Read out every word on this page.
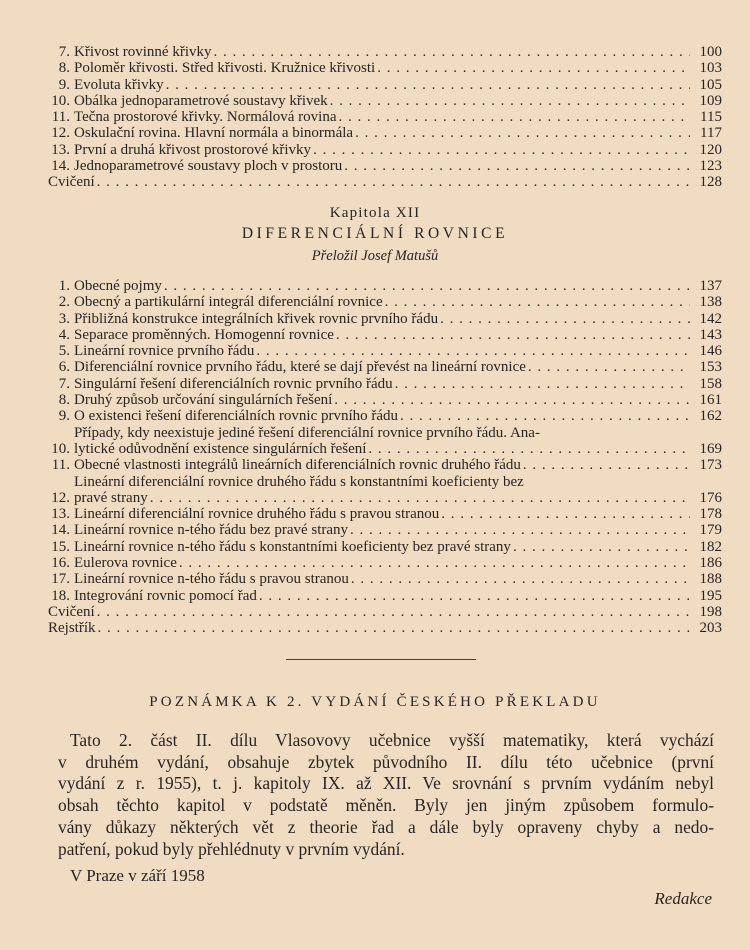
7. Křivost rovinné křivky . . .	100
8. Poloměr křivosti. Střed křivosti. Kružnice křivosti . . .	103
9. Evoluta křivky . . .	105
10. Obálka jednoparametrové soustavy křivek . . .	109
11. Tečna prostorové křivky. Normálová rovina . . .	115
12. Oskulační rovina. Hlavní normála a binormála . . .	117
13. První a druhá křivost prostorové křivky . . .	120
14. Jednoparametrové soustavy ploch v prostoru . . .	123
Cvičení . . .	128
Kapitola XII
DIFERENCIÁLNÍ ROVNICE
Přeložil Josef Matušů
1. Obecné pojmy . . .	137
2. Obecný a partikulární integrál diferenciální rovnice . . .	138
3. Přibližná konstrukce integrálních křivek rovnic prvního řádu . . .	142
4. Separace proměnných. Homogenní rovnice . . .	143
5. Lineární rovnice prvního řádu . . .	146
6. Diferenciální rovnice prvního řádu, které se dají převést na lineární rovnice . . .	153
7. Singulární řešení diferenciálních rovnic prvního řádu . . .	158
8. Druhý způsob určování singulárních řešení . . .	161
9. O existenci řešení diferenciálních rovnic prvního řádu . . .	162
10.
Případy, kdy neexistuje jediné řešení diferenciální rovnice prvního řádu. Ana-
lytické odůvodnění existence singulárních řešení . . .	169
11. Obecné vlastnosti integrálů lineárních diferenciálních rovnic druhého řádu . . .	173
12.
Lineární diferenciální rovnice druhého řádu s konstantními koeficienty bez
pravé strany . . .	176
13. Lineární diferenciální rovnice druhého řádu s pravou stranou . . .	178
14. Lineární rovnice n-tého řádu bez pravé strany . . .	179
15. Lineární rovnice n-tého řádu s konstantními koeficienty bez pravé strany . . .	182
16. Eulerova rovnice . . .	186
17. Lineární rovnice n-tého řádu s pravou stranou . . .	188
18. Integrování rovnic pomocí řad . . .	195
Cvičení . . .	198
Rejstřík . . .	203
POZNÁMKA K 2. VYDÁNÍ ČESKÉHO PŘEKLADU
Tato 2. část II. dílu Vlasovovy učebnice vyšší matematiky, která vychází
v druhém vydání, obsahuje zbytek původního II. dílu této učebnice (první
vydání z r. 1955), t. j. kapitoly IX. až XII. Ve srovnání s prvním vydáním nebyl
obsah těchto kapitol v podstatě měněn. Byly jen jiným způsobem formulo-
vány důkazy některých vět z theorie řad a dále byly opraveny chyby a nedo-
patření, pokud byly přehlédnuty v prvním vydání.
V Praze v září 1958
Redakce
